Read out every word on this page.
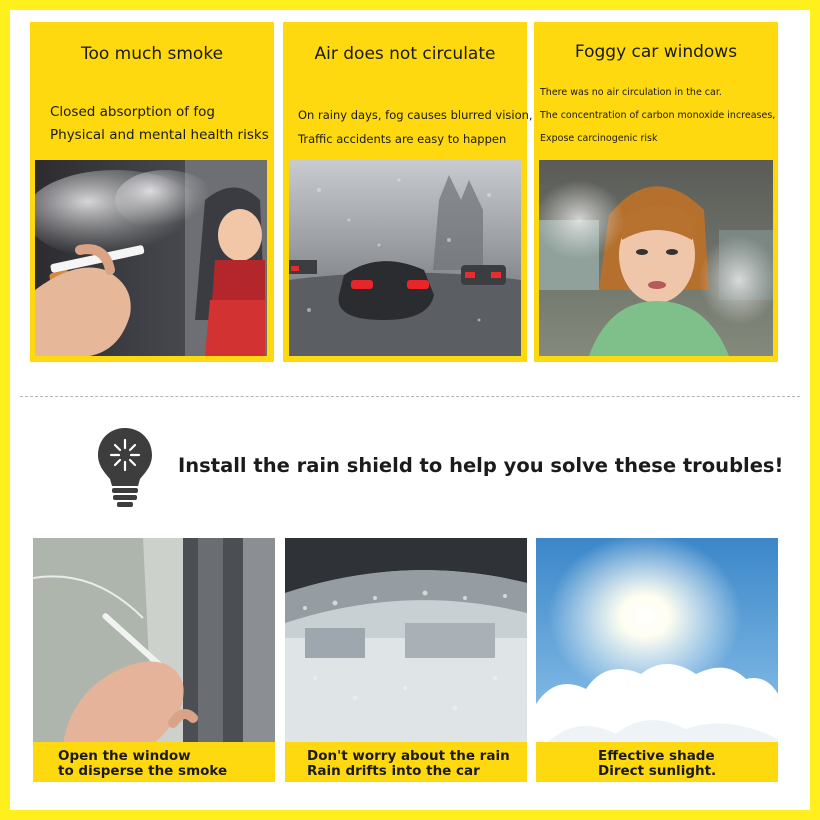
Too much smoke
Closed absorption of fog
Physical and mental health risks
Air does not circulate
On rainy days, fog causes blurred vision,
Traffic accidents are easy to happen
Foggy car windows
There was no air circulation in the car.
The concentration of carbon monoxide increases,
Expose carcinogenic risk
Install the rain shield to help you solve these troubles!
Open the window
to disperse the smoke
Don't worry about the rain
Rain drifts into the car
Effective shade
Direct sunlight.
